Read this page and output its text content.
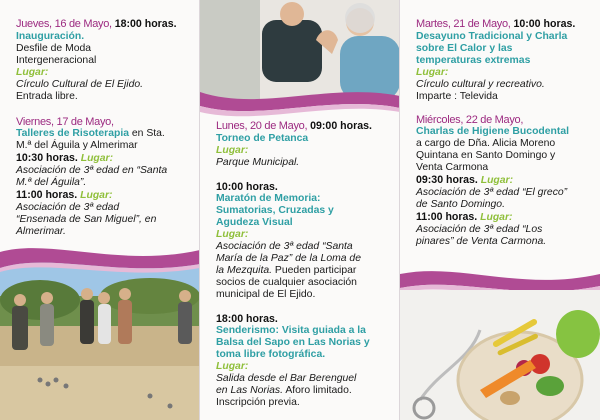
Jueves, 16 de Mayo, 18:00 horas.
Inauguración.
Desfile de Moda
Intergeneracional
Lugar:
Círculo Cultural de El Ejido.
Entrada libre.
Viernes, 17 de Mayo,
Talleres de Risoterapia en Sta.
M.ª del Águila y Almerimar
10:30 horas. Lugar:
Asociación de 3ª edad en “Santa
M.ª del Águila”.
11:00 horas. Lugar:
Asociación de 3ª edad
“Ensenada de San Miguel”, en
Almerimar.
Lunes, 20 de Mayo, 09:00 horas.
Torneo de Petanca
Lugar:
Parque Municipal.
10:00 horas.
Maratón de Memoria:
Sumatorias, Cruzadas y
Agudeza Visual
Lugar:
Asociación de 3ª edad “Santa
María de la Paz” de la Loma de
la Mezquita. Pueden participar
socios de cualquier asociación
municipal de El Ejido.
18:00 horas.
Senderismo: Visita guiada a la
Balsa del Sapo en Las Norias y
toma libre fotográfica.
Lugar:
Salida desde el Bar Berenguel
en Las Norias. Aforo limitado.
Inscripción previa.
Martes, 21 de Mayo, 10:00 horas.
Desayuno Tradicional y Charla
sobre El Calor y las
temperaturas extremas
Lugar:
Círculo cultural y recreativo.
Imparte : Televida
Miércoles, 22 de Mayo,
Charlas de Higiene Bucodental
a cargo de Dña. Alicia Moreno
Quintana en Santo Domingo y
Venta Carmona
09:30 horas. Lugar:
Asociación de 3ª edad “El greco”
de Santo Domingo.
11:00 horas. Lugar:
Asociación de 3ª edad “Los
pinares” de Venta Carmona.
